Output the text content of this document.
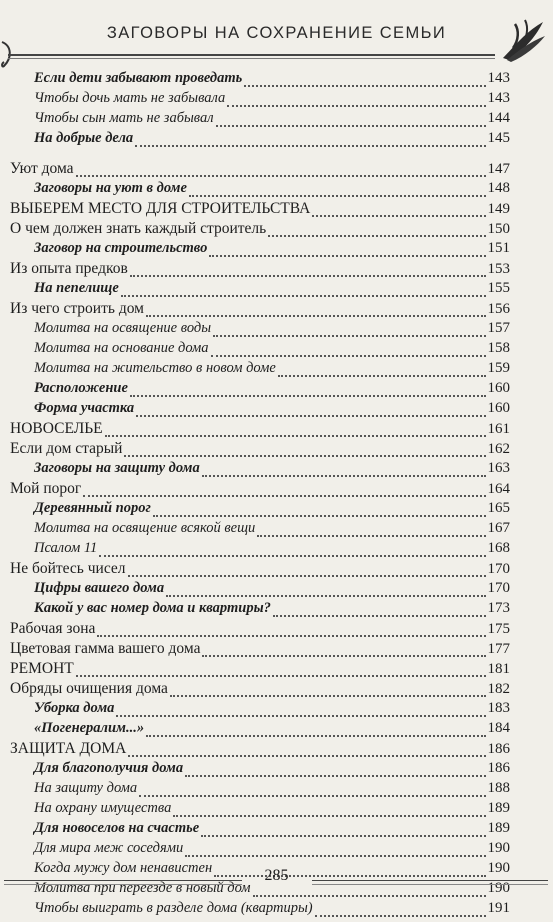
ЗАГОВОРЫ НА СОХРАНЕНИЕ СЕМЬИ
Если дети забывают проведать	143
Чтобы дочь мать не забывала	143
Чтобы сын мать не забывал	144
На добрые дела	145
Уют дома	147
Заговоры на уют в доме	148
ВЫБЕРЕМ МЕСТО ДЛЯ СТРОИТЕЛЬСТВА	149
О чем должен знать каждый строитель	150
Заговор на строительство	151
Из опыта предков	153
На пепелище	155
Из чего строить дом	156
Молитва на освящение воды	157
Молитва на основание дома	158
Молитва на жительство в новом доме	159
Расположение	160
Форма участка	160
НОВОСЕЛЬЕ	161
Если дом старый	162
Заговоры на защиту дома	163
Мой порог	164
Деревянный порог	165
Молитва на освящение всякой вещи	167
Псалом 11	168
Не бойтесь чисел	170
Цифры вашего дома	170
Какой у вас номер дома и квартиры?	173
Рабочая зона	175
Цветовая гамма вашего дома	177
РЕМОНТ	181
Обряды очищения дома	182
Уборка дома	183
«Погенералим...»	184
ЗАЩИТА ДОМА	186
Для благополучия дома	186
На защиту дома	188
На охрану имущества	189
Для новоселов на счастье	189
Для мира меж соседями	190
Когда мужу дом ненавистен	190
Молитва при переезде в новый дом	190
Чтобы выиграть в разделе дома (квартиры)	191
285
